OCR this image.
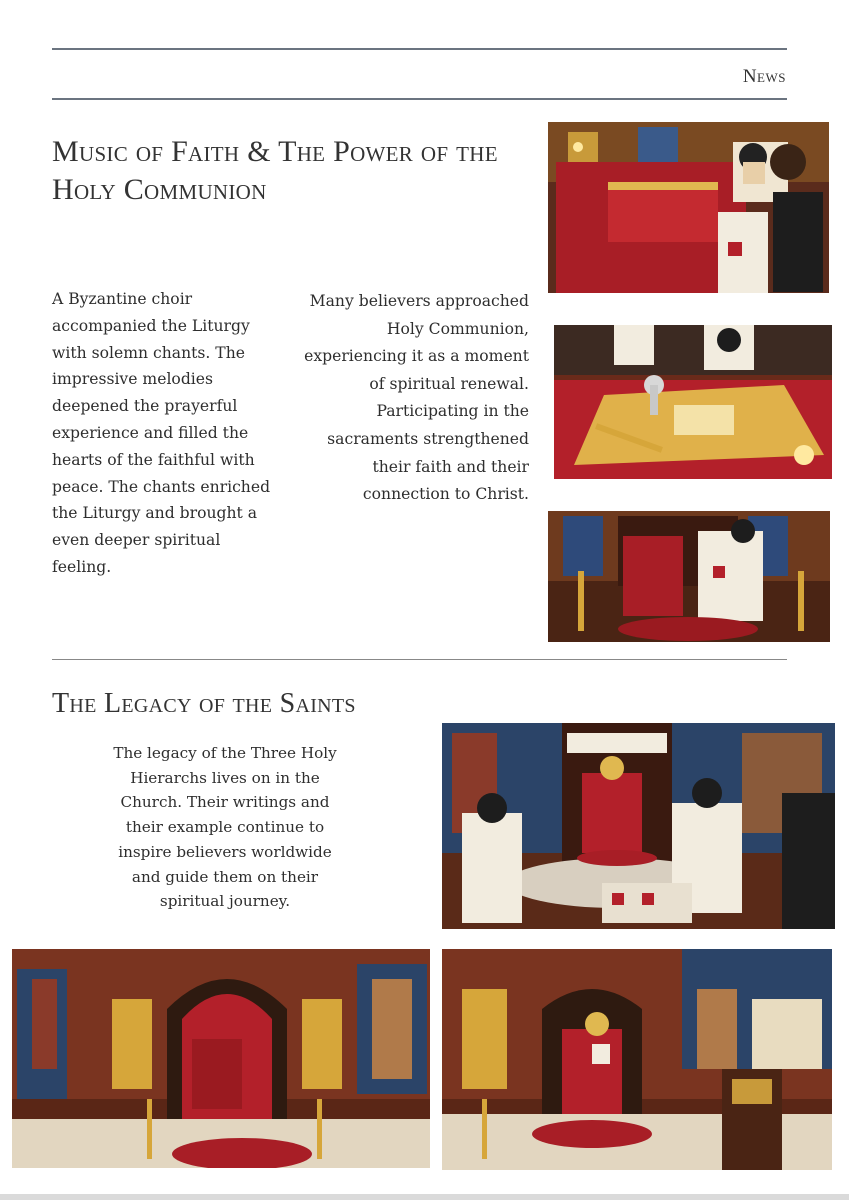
News
Music of Faith & The Power of the Holy Communion

A Byzantine choir accompanied the Liturgy with solemn chants. The impressive melodies deepened the prayerful experience and filled the hearts of the faithful with peace. The chants enriched the Liturgy and brought a even deeper spiritual feeling.

Many believers approached Holy Communion, experiencing it as a moment of spiritual renewal. Participating in the sacraments strengthened their faith and their connection to Christ.

The Legacy of the Saints

The legacy of the Three Holy Hierarchs lives on in the Church. Their writings and their example continue to inspire believers worldwide and guide them on their spiritual journey.
